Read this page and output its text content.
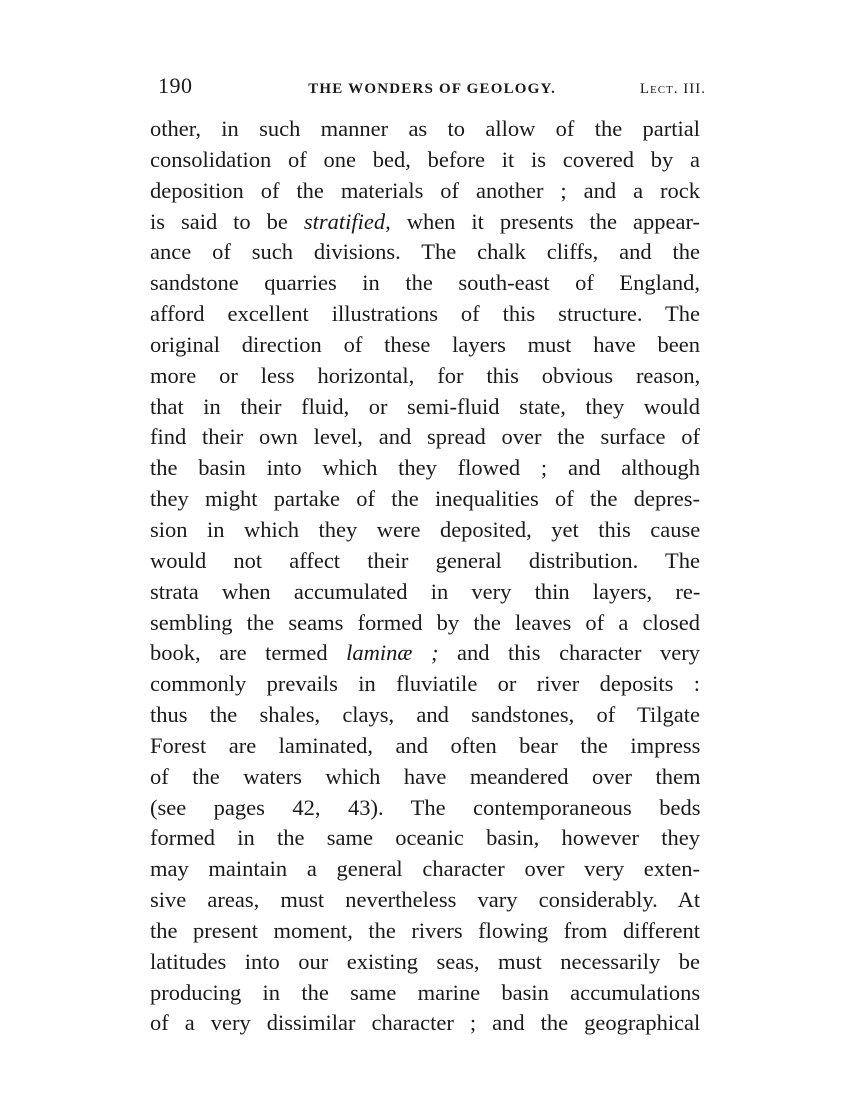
190	THE WONDERS OF GEOLOGY.	Lect. III.
other, in such manner as to allow of the partial
consolidation of one bed, before it is covered by a
deposition of the materials of another ; and a rock
is said to be stratified, when it presents the appear-
ance of such divisions. The chalk cliffs, and the
sandstone quarries in the south-east of England,
afford excellent illustrations of this structure. The
original direction of these layers must have been
more or less horizontal, for this obvious reason,
that in their fluid, or semi-fluid state, they would
find their own level, and spread over the surface of
the basin into which they flowed ; and although
they might partake of the inequalities of the depres-
sion in which they were deposited, yet this cause
would not affect their general distribution. The
strata when accumulated in very thin layers, re-
sembling the seams formed by the leaves of a closed
book, are termed laminæ ; and this character very
commonly prevails in fluviatile or river deposits :
thus the shales, clays, and sandstones, of Tilgate
Forest are laminated, and often bear the impress
of the waters which have meandered over them
(see pages 42, 43). The contemporaneous beds
formed in the same oceanic basin, however they
may maintain a general character over very exten-
sive areas, must nevertheless vary considerably. At
the present moment, the rivers flowing from different
latitudes into our existing seas, must necessarily be
producing in the same marine basin accumulations
of a very dissimilar character ; and the geographical
